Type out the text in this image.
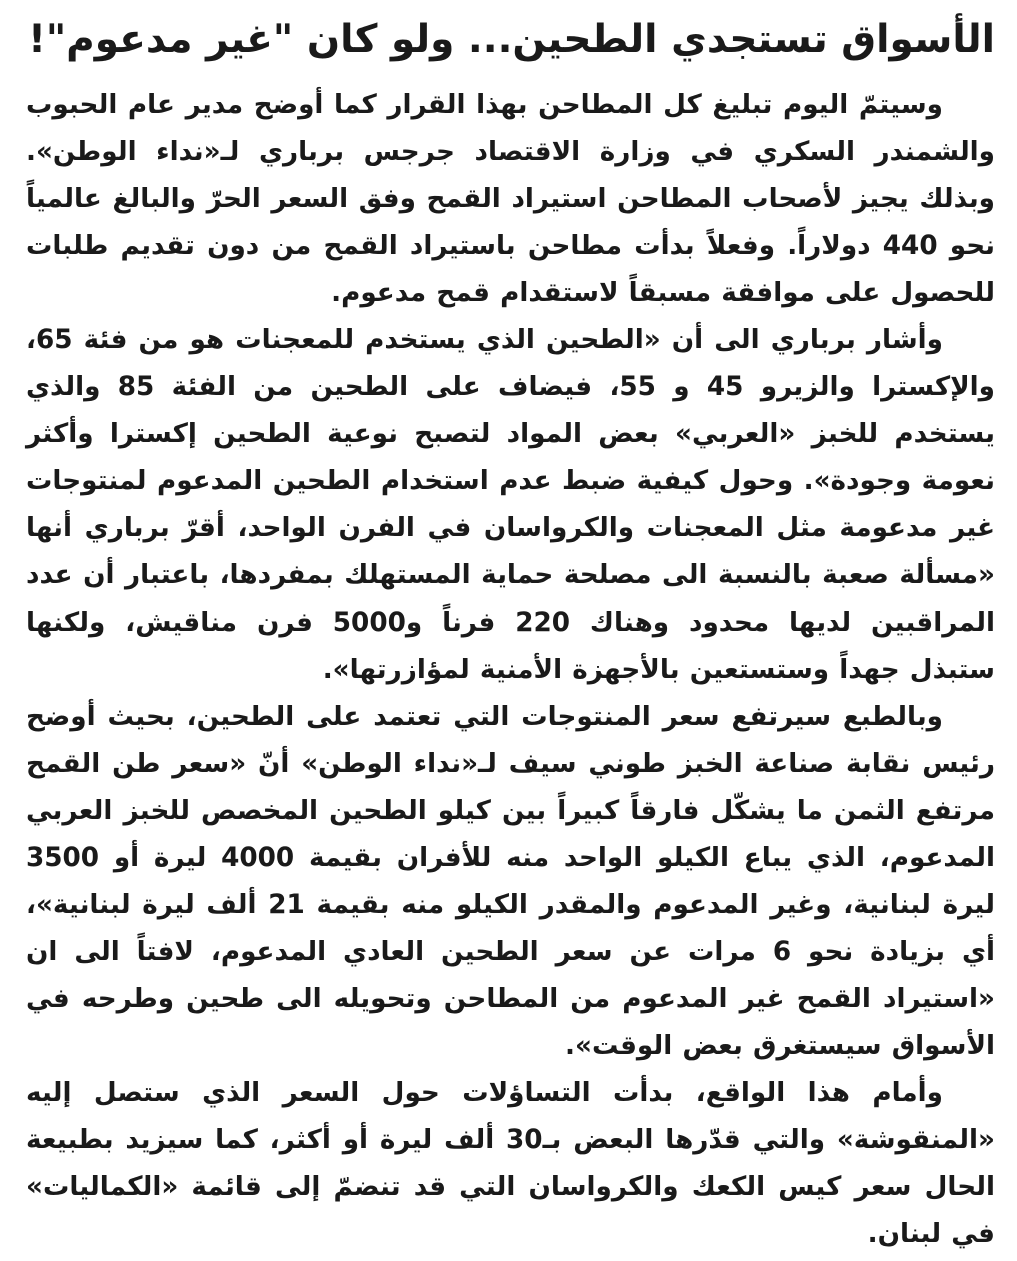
الأسواق تستجدي الطحين... ولو كان "غير مدعوم"!

وسيتمّ اليوم تبليغ كل المطاحن بهذا القرار كما أوضح مدير عام الحبوب والشمندر السكري في وزارة الاقتصاد جرجس برباري لـ«نداء الوطن». وبذلك يجيز لأصحاب المطاحن استيراد القمح وفق السعر الحرّ والبالغ عالمياً نحو 440 دولاراً. وفعلاً بدأت مطاحن باستيراد القمح من دون تقديم طلبات للحصول على موافقة مسبقاً لاستقدام قمح مدعوم.

وأشار برباري الى أن «الطحين الذي يستخدم للمعجنات هو من فئة 65، والإكسترا والزيرو 45 و 55، فيضاف على الطحين من الفئة 85 والذي يستخدم للخبز «العربي» بعض المواد لتصبح نوعية الطحين إكسترا وأكثر نعومة وجودة». وحول كيفية ضبط عدم استخدام الطحين المدعوم لمنتوجات غير مدعومة مثل المعجنات والكرواسان في الفرن الواحد، أقرّ برباري أنها «مسألة صعبة بالنسبة الى مصلحة حماية المستهلك بمفردها، باعتبار أن عدد المراقبين لديها محدود وهناك 220 فرناً و5000 فرن مناقيش، ولكنها ستبذل جهداً وستستعين بالأجهزة الأمنية لمؤازرتها».

وبالطبع سيرتفع سعر المنتوجات التي تعتمد على الطحين، بحيث أوضح رئيس نقابة صناعة الخبز طوني سيف لـ«نداء الوطن» أنّ «سعر طن القمح مرتفع الثمن ما يشكّل فارقاً كبيراً بين كيلو الطحين المخصص للخبز العربي المدعوم، الذي يباع الكيلو الواحد منه للأفران بقيمة 4000 ليرة أو 3500 ليرة لبنانية، وغير المدعوم والمقدر الكيلو منه بقيمة 21 ألف ليرة لبنانية»، أي بزيادة نحو 6 مرات عن سعر الطحين العادي المدعوم، لافتاً الى ان «استيراد القمح غير المدعوم من المطاحن وتحويله الى طحين وطرحه في الأسواق سيستغرق بعض الوقت».

وأمام هذا الواقع، بدأت التساؤلات حول السعر الذي ستصل إليه «المنقوشة» والتي قدّرها البعض بـ30 ألف ليرة أو أكثر، كما سيزيد بطبيعة الحال سعر كيس الكعك والكرواسان التي قد تنضمّ إلى قائمة «الكماليات» في لبنان.
